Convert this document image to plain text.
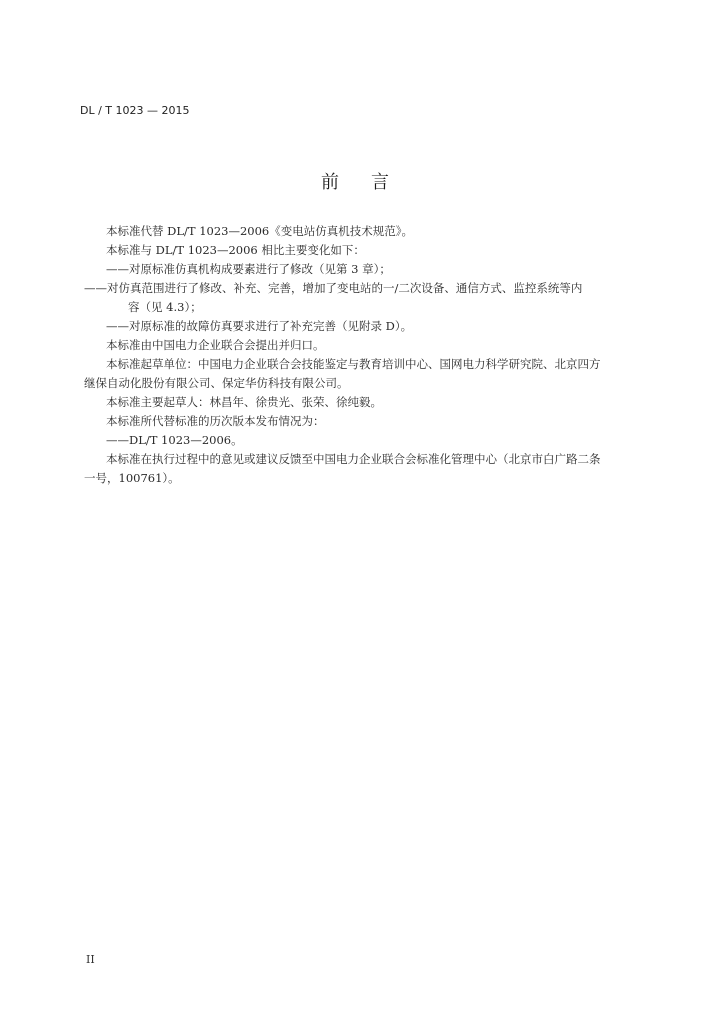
DL / T 1023 — 2015
前言
本标准代替 DL/T 1023—2006《变电站仿真机技术规范》。
本标准与 DL/T 1023—2006 相比主要变化如下：
——对原标准仿真机构成要素进行了修改（见第 3 章）；
——对仿真范围进行了修改、补充、完善，增加了变电站的一/二次设备、通信方式、监控系统等内
容（见 4.3）；
——对原标准的故障仿真要求进行了补充完善（见附录 D）。
本标准由中国电力企业联合会提出并归口。
本标准起草单位：中国电力企业联合会技能鉴定与教育培训中心、国网电力科学研究院、北京四方
继保自动化股份有限公司、保定华仿科技有限公司。
本标准主要起草人：林昌年、徐贵光、张荣、徐纯毅。
本标准所代替标准的历次版本发布情况为：
——DL/T 1023—2006。
本标准在执行过程中的意见或建议反馈至中国电力企业联合会标准化管理中心（北京市白广路二条
一号，100761）。
II
